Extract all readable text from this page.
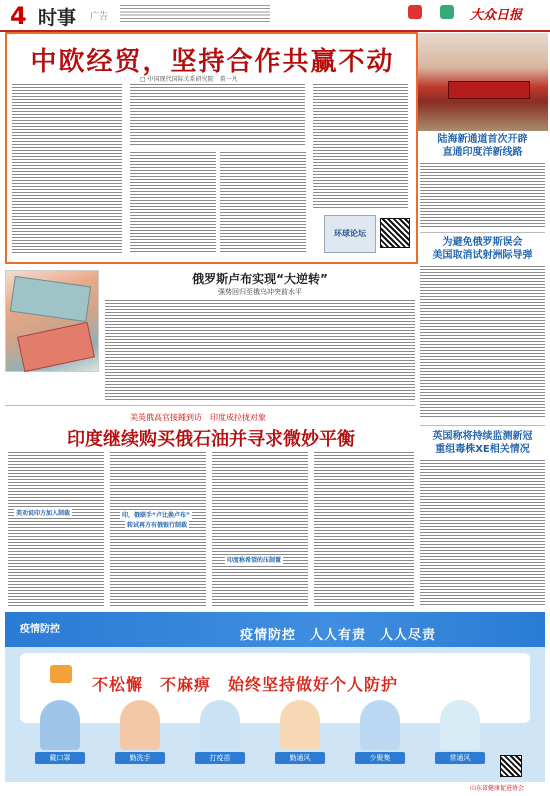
4 时事 广告	大众日报
中欧经贸，坚持合作共赢不动
□ 中国现代国际关系研究院　董一凡
环球论坛
陆海新通道首次开辟
直通印度洋新线路
为避免俄罗斯误会
美国取消试射洲际导弹
英国称将持续监测新冠
重组毒株XE相关情况
俄罗斯卢布实现“大逆转”
强势回归至俄乌冲突前水平
美英俄高官接踵到访　印度成拉拢对象
印度继续购买俄石油并寻求微妙平衡
美劝说印方加入制裁	印，俄联手“卢比换卢布”
转试再方有俄银行制裁
印度称希望的压制置
疫情防控	疫情防控　人人有责　人人尽责
不松懈　不麻痹　始终坚持做好个人防护
戴口罩	勤洗手	打疫苗	勤通风	少聚集	常通风
山东省健康促进协会
